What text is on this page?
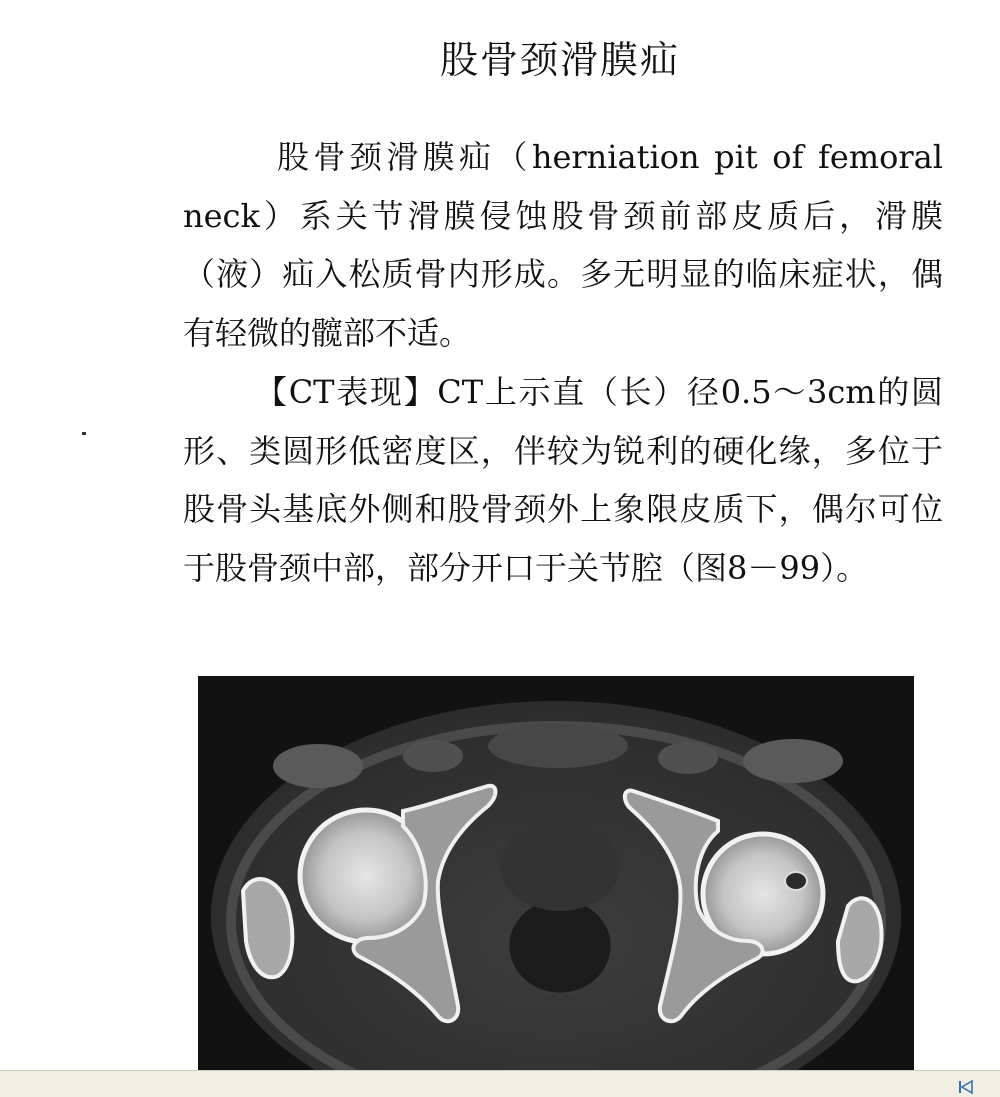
股骨颈滑膜疝
股骨颈滑膜疝（herniation pit of femoral neck）系关节滑膜侵蚀股骨颈前部皮质后，滑膜（液）疝入松质骨内形成。多无明显的临床症状，偶有轻微的髋部不适。
【CT表现】CT上示直（长）径0.5～3cm的圆形、类圆形低密度区，伴较为锐利的硬化缘，多位于股骨头基底外侧和股骨颈外上象限皮质下，偶尔可位于股骨颈中部，部分开口于关节腔（图8－99）。
